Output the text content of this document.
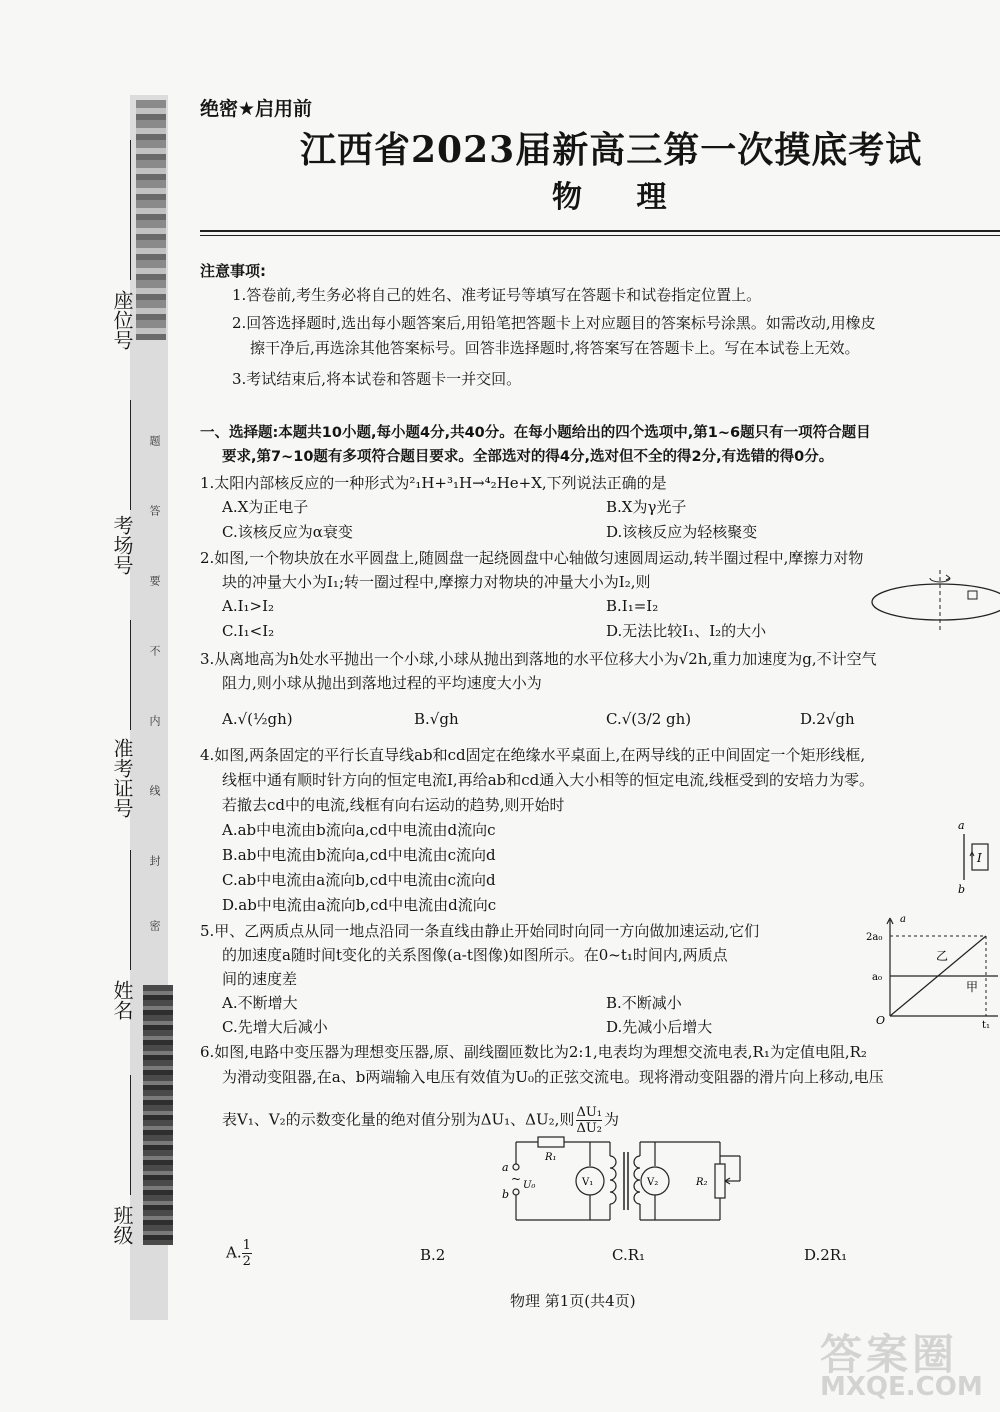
座位号
考场号
准考证号
姓名
班级
题
答
要
不
内
线
封
密
绝密★启用前
江西省2023届新高三第一次摸底考试
物 理
注意事项:
1.答卷前,考生务必将自己的姓名、准考证号等填写在答题卡和试卷指定位置上。
2.回答选择题时,选出每小题答案后,用铅笔把答题卡上对应题目的答案标号涂黑。如需改动,用橡皮
擦干净后,再选涂其他答案标号。回答非选择题时,将答案写在答题卡上。写在本试卷上无效。
3.考试结束后,将本试卷和答题卡一并交回。
一、选择题:本题共10小题,每小题4分,共40分。在每小题给出的四个选项中,第1~6题只有一项符合题目
要求,第7~10题有多项符合题目要求。全部选对的得4分,选对但不全的得2分,有选错的得0分。
1.太阳内部核反应的一种形式为²₁H+³₁H→⁴₂He+X,下列说法正确的是
A.X为正电子	B.X为γ光子
C.该核反应为α衰变	D.该核反应为轻核聚变
2.如图,一个物块放在水平圆盘上,随圆盘一起绕圆盘中心轴做匀速圆周运动,转半圈过程中,摩擦力对物
块的冲量大小为I₁;转一圈过程中,摩擦力对物块的冲量大小为I₂,则
A.I₁>I₂	B.I₁=I₂
C.I₁<I₂	D.无法比较I₁、I₂的大小
3.从离地高为h处水平抛出一个小球,小球从抛出到落地的水平位移大小为√2h,重力加速度为g,不计空气
阻力,则小球从抛出到落地过程的平均速度大小为
A.√(½gh)	B.√gh	C.√(3/2 gh)	D.2√gh
4.如图,两条固定的平行长直导线ab和cd固定在绝缘水平桌面上,在两导线的正中间固定一个矩形线框,
线框中通有顺时针方向的恒定电流I,再给ab和cd通入大小相等的恒定电流,线框受到的安培力为零。
若撤去cd中的电流,线框有向右运动的趋势,则开始时
A.ab中电流由b流向a,cd中电流由d流向c
B.ab中电流由b流向a,cd中电流由c流向d
C.ab中电流由a流向b,cd中电流由c流向d
D.ab中电流由a流向b,cd中电流由d流向c
a
b
I
5.甲、乙两质点从同一地点沿同一条直线由静止开始同时向同一方向做加速运动,它们
的加速度a随时间t变化的关系图像(a-t图像)如图所示。在0~t₁时间内,两质点
间的速度差
A.不断增大	B.不断减小
C.先增大后减小	D.先减小后增大
a
2a₀
a₀
O	t₁
乙
甲
6.如图,电路中变压器为理想变压器,原、副线圈匝数比为2:1,电表均为理想交流电表,R₁为定值电阻,R₂
为滑动变阻器,在a、b两端输入电压有效值为U₀的正弦交流电。现将滑动变阻器的滑片向上移动,电压
表V₁、V₂的示数变化量的绝对值分别为ΔU₁、ΔU₂,则 $\frac{\text{ΔU₁}}{\text{ΔU₂}}$ 为
R₁
V₁	V₂	R₂
a
b
~ U₀
A. $\frac{1}{2}$	B.2	C.R₁	D.2R₁
物理 第1页(共4页)
答案圈
MXQE.COM
